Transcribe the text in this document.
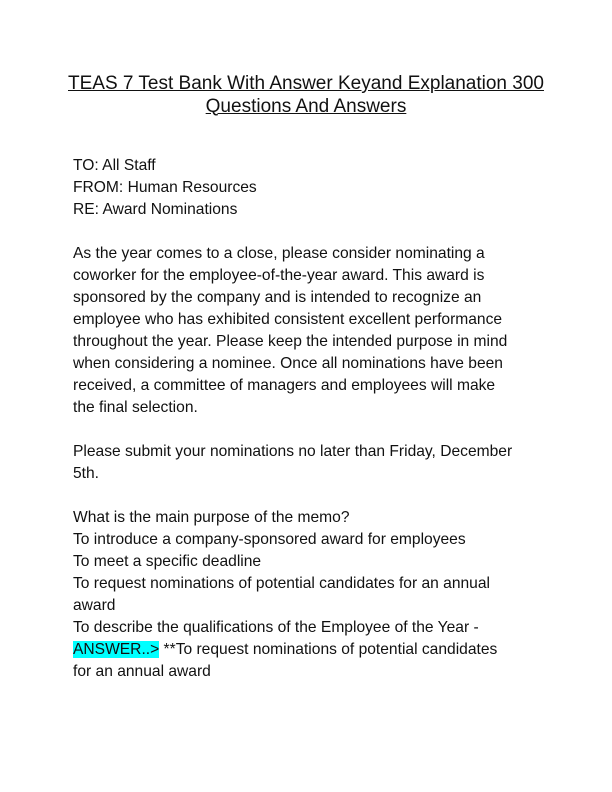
TEAS 7 Test Bank With Answer Keyand Explanation 300 Questions And Answers
TO: All Staff
FROM: Human Resources
RE: Award Nominations
As the year comes to a close, please consider nominating a
coworker for the employee-of-the-year award. This award is
sponsored by the company and is intended to recognize an
employee who has exhibited consistent excellent performance
throughout the year. Please keep the intended purpose in mind
when considering a nominee. Once all nominations have been
received, a committee of managers and employees will make
the final selection.
Please submit your nominations no later than Friday, December
5th.
What is the main purpose of the memo?
To introduce a company-sponsored award for employees
To meet a specific deadline
To request nominations of potential candidates for an annual
award
To describe the qualifications of the Employee of the Year -
ANSWER..> **To request nominations of potential candidates
for an annual award
